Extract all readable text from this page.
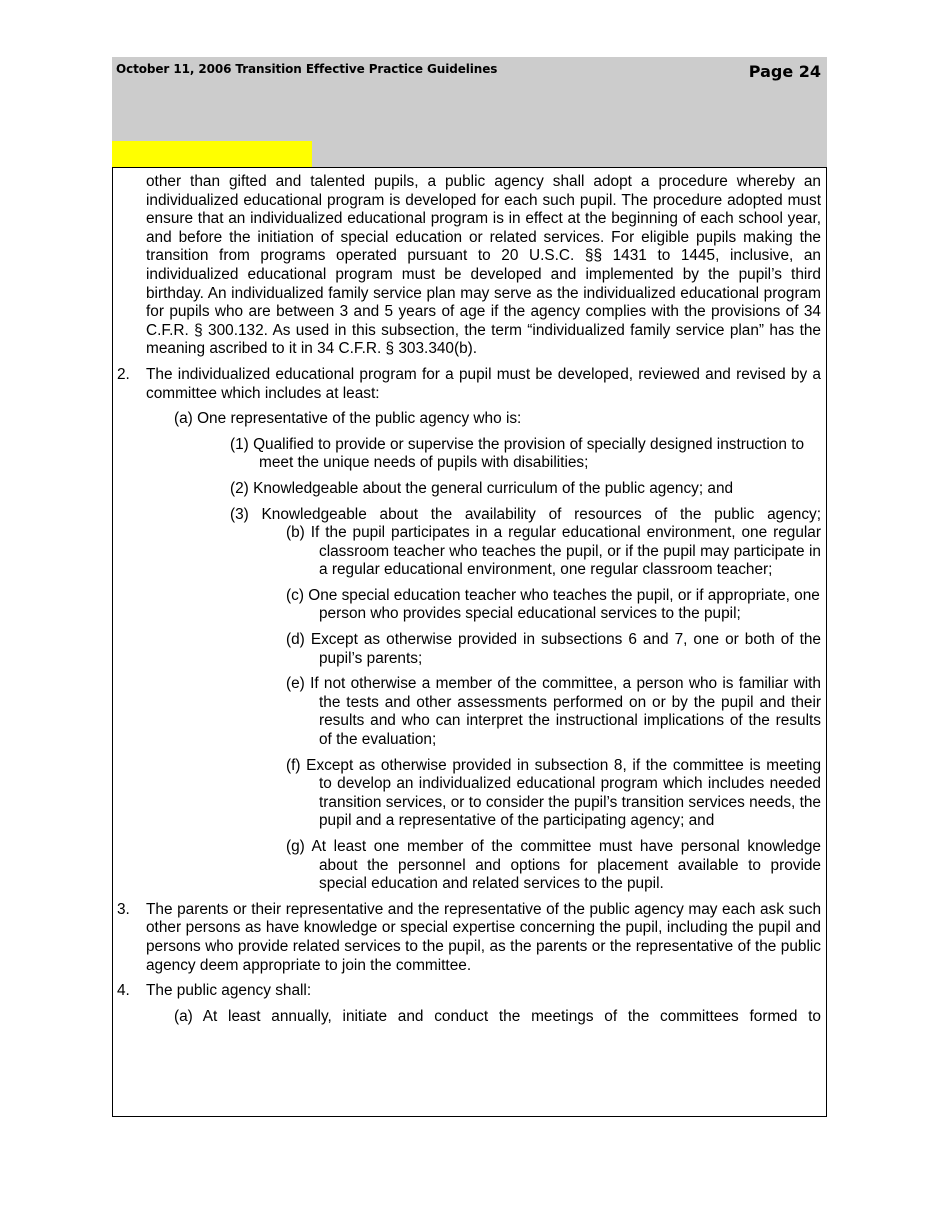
October 11, 2006 Transition Effective Practice Guidelines	Page 24
other than gifted and talented pupils, a public agency shall adopt a procedure whereby an individualized educational program is developed for each such pupil. The procedure adopted must ensure that an individualized educational program is in effect at the beginning of each school year, and before the initiation of special education or related services. For eligible pupils making the transition from programs operated pursuant to 20 U.S.C. §§ 1431 to 1445, inclusive, an individualized educational program must be developed and implemented by the pupil’s third birthday. An individualized family service plan may serve as the individualized educational program for pupils who are between 3 and 5 years of age if the agency complies with the provisions of 34 C.F.R. § 300.132. As used in this subsection, the term “individualized family service plan” has the meaning ascribed to it in 34 C.F.R. § 303.340(b).
2. The individualized educational program for a pupil must be developed, reviewed and revised by a committee which includes at least:
(a) One representative of the public agency who is:
(1) Qualified to provide or supervise the provision of specially designed instruction to meet the unique needs of pupils with disabilities;
(2) Knowledgeable about the general curriculum of the public agency; and
(3) Knowledgeable about the availability of resources of the public agency;
(b) If the pupil participates in a regular educational environment, one regular classroom teacher who teaches the pupil, or if the pupil may participate in a regular educational environment, one regular classroom teacher;
(c) One special education teacher who teaches the pupil, or if appropriate, one person who provides special educational services to the pupil;
(d) Except as otherwise provided in subsections 6 and 7, one or both of the pupil’s parents;
(e) If not otherwise a member of the committee, a person who is familiar with the tests and other assessments performed on or by the pupil and their results and who can interpret the instructional implications of the results of the evaluation;
(f) Except as otherwise provided in subsection 8, if the committee is meeting to develop an individualized educational program which includes needed transition services, or to consider the pupil’s transition services needs, the pupil and a representative of the participating agency; and
(g) At least one member of the committee must have personal knowledge about the personnel and options for placement available to provide special education and related services to the pupil.
3. The parents or their representative and the representative of the public agency may each ask such other persons as have knowledge or special expertise concerning the pupil, including the pupil and persons who provide related services to the pupil, as the parents or the representative of the public agency deem appropriate to join the committee.
4. The public agency shall:
(a) At least annually, initiate and conduct the meetings of the committees formed to
